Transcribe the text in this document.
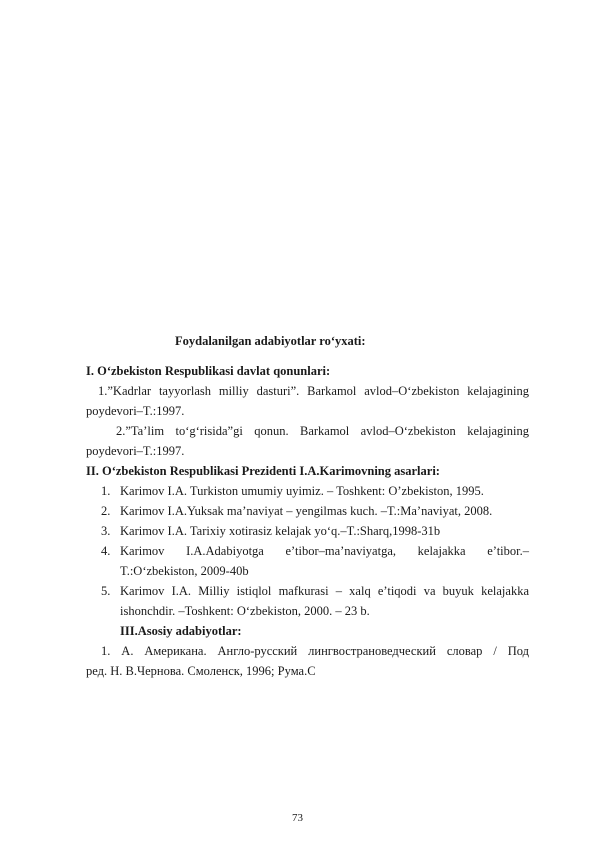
Foydalanilgan adabiyotlar ro‘yxati:
I. O‘zbekiston Respublikasi davlat qonunlari:
1.”Kadrlar tayyorlash milliy dasturi”. Barkamol avlod–O‘zbekiston kelajagining
poydevori–T.:1997.
2.”Ta’lim to‘g‘risida”gi qonun. Barkamol avlod–O‘zbekiston kelajagining
poydevori–T.:1997.
II. O‘zbekiston Respublikasi Prezidenti I.A.Karimovning asarlari:
1. Karimov I.A. Turkiston umumiy uyimiz. – Toshkent: O’zbekiston, 1995.
2. Karimov I.A.Yuksak ma’naviyat – yengilmas kuch. –T.:Ma’naviyat, 2008.
3. Karimov I.A. Tarixiy xotirasiz kelajak yo‘q.–T.:Sharq,1998-31b
4. Karimov I.A.Adabiyotga e’tibor–ma’naviyatga, kelajakka e’tibor.– T.:O‘zbekiston, 2009-40b
5. Karimov I.A. Milliy istiqlol mafkurasi – xalq e’tiqodi va buyuk kelajakka ishonchdir. –Toshkent: O‘zbekiston, 2000. – 23 b.
III.Asosiy adabiyotlar:
1. А. Американа. Англо-русский лингвострановедческий словар / Под
ред. Н. В.Чернова. Смоленск, 1996; Рума.С
73
